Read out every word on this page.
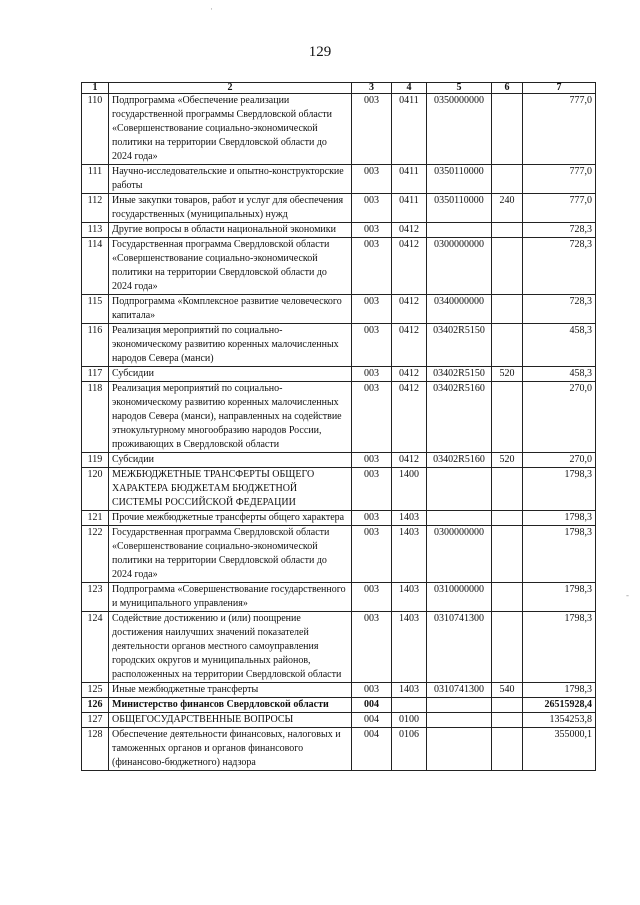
129
1	2	3	4	5	6	7
110	Подпрограмма «Обеспечение реализации государственной программы Свердловской области «Совершенствование социально-экономической политики на территории Свердловской области до 2024 года»	003	0411	0350000000		777,0
111	Научно-исследовательские и опытно-конструкторские работы	003	0411	0350110000		777,0
112	Иные закупки товаров, работ и услуг для обеспечения государственных (муниципальных) нужд	003	0411	0350110000	240	777,0
113	Другие вопросы в области национальной экономики	003	0412			728,3
114	Государственная программа Свердловской области «Совершенствование социально-экономической политики на территории Свердловской области до 2024 года»	003	0412	0300000000		728,3
115	Подпрограмма «Комплексное развитие человеческого капитала»	003	0412	0340000000		728,3
116	Реализация мероприятий по социально-экономическому развитию коренных малочисленных народов Севера (манси)	003	0412	03402R5150		458,3
117	Субсидии	003	0412	03402R5150	520	458,3
118	Реализация мероприятий по социально-экономическому развитию коренных малочисленных народов Севера (манси), направленных на содействие этнокультурному многообразию народов России, проживающих в Свердловской области	003	0412	03402R5160		270,0
119	Субсидии	003	0412	03402R5160	520	270,0
120	МЕЖБЮДЖЕТНЫЕ ТРАНСФЕРТЫ ОБЩЕГО ХАРАКТЕРА БЮДЖЕТАМ БЮДЖЕТНОЙ СИСТЕМЫ РОССИЙСКОЙ ФЕДЕРАЦИИ	003	1400			1798,3
121	Прочие межбюджетные трансферты общего характера	003	1403			1798,3
122	Государственная программа Свердловской области «Совершенствование социально-экономической политики на территории Свердловской области до 2024 года»	003	1403	0300000000		1798,3
123	Подпрограмма «Совершенствование государственного и муниципального управления»	003	1403	0310000000		1798,3
124	Содействие достижению и (или) поощрение достижения наилучших значений показателей деятельности органов местного самоуправления городских округов и муниципальных районов, расположенных на территории Свердловской области	003	1403	0310741300		1798,3
125	Иные межбюджетные трансферты	003	1403	0310741300	540	1798,3
126	Министерство финансов Свердловской области	004				26515928,4
127	ОБЩЕГОСУДАРСТВЕННЫЕ ВОПРОСЫ	004	0100			1354253,8
128	Обеспечение деятельности финансовых, налоговых и таможенных органов и органов финансового (финансово-бюджетного) надзора	004	0106			355000,1
·
-
